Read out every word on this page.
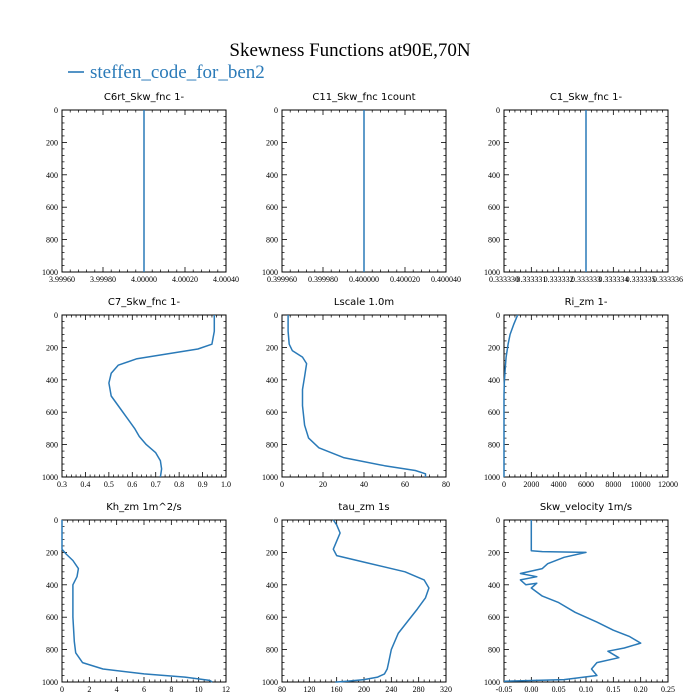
Skewness Functions at90E,70N
steffen_code_for_ben2
C6rt_Skw_fnc 1-
3.99960 3.99980 4.00000 4.00020 4.00040
0
200
400
600
800
1000
C11_Skw_fnc 1count
0.399960 0.399980 0.400000 0.400020 0.400040
0
200
400
600
800
1000
C1_Skw_fnc 1-
0.333330
0.333331
0.333332
0.333333
0.333334
0.333335
0.333336
0
200
400
600
800
1000
C7_Skw_fnc 1-
0.3 0.4 0.5 0.6 0.7 0.8 0.9 1.0
0
200
400
600
800
1000
Lscale 1.0m
0	20	40	60	80
0
200
400
600
800
1000
Ri_zm 1-
0 2000 4000 6000 8000 10000 12000
0
200
400
600
800
1000
Kh_zm 1m^2/s
0	2	4	6	8	10 12
0
200
400
600
800
1000
tau_zm 1s
80 120 160 200 240 280 320
0
200
400
600
800
1000
Skw_velocity 1m/s
-0.05 0.00 0.05 0.10 0.15 0.20 0.25
0
200
400
600
800
1000
